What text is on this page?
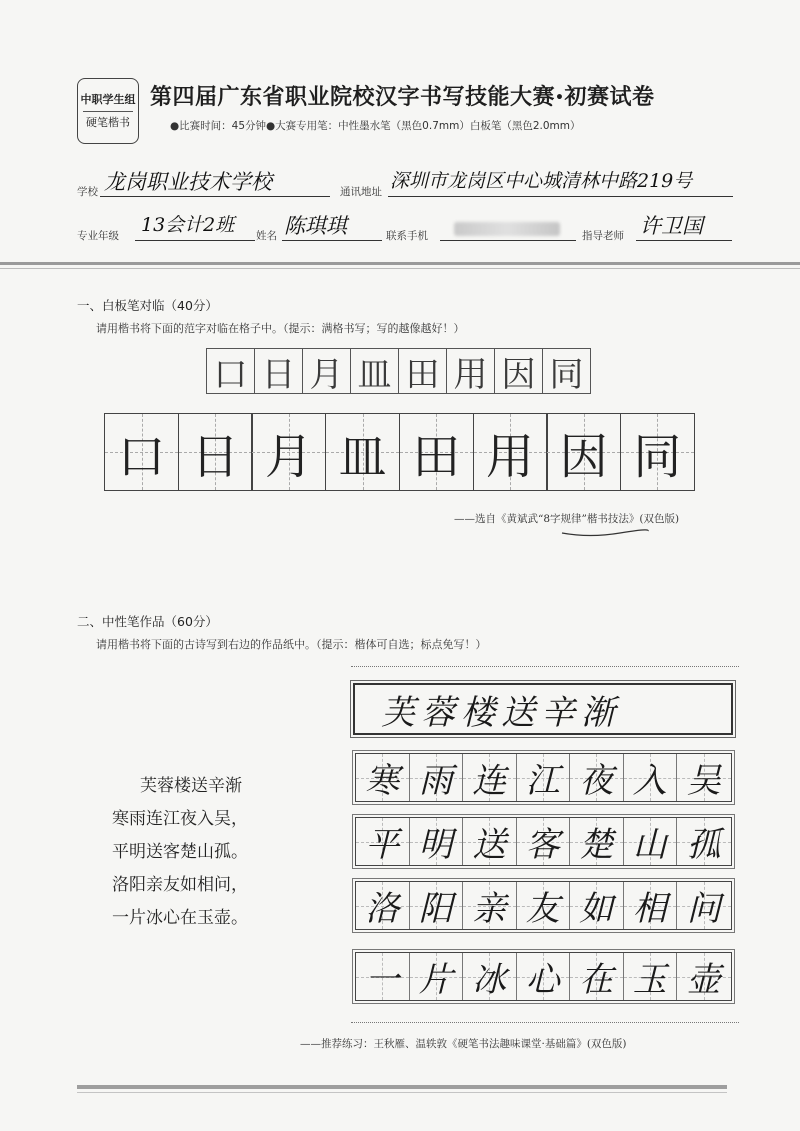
中职学生组
硬笔楷书
第四届广东省职业院校汉字书写技能大赛•初赛试卷
●比赛时间：45分钟●大赛专用笔：中性墨水笔（黑色0.7mm）白板笔（黑色2.0mm）
学校 龙岗职业技术学校	通讯地址 深圳市龙岗区中心城清林中路219号
专业年级 13会计2班 姓名 陈琪琪	联系手机	指导老师 许卫国
一、白板笔对临（40分）
请用楷书将下面的范字对临在格子中。（提示：满格书写；写的越像越好！）
口 日 月 皿 田 用 因 同
口 日 月 皿 田 用 因 同
——选自《黄斌武“8字规律”楷书技法》(双色版)
二、中性笔作品（60分）
请用楷书将下面的古诗写到右边的作品纸中。（提示：楷体可自选；标点免写！）
芙蓉楼送辛渐
寒雨连江夜入吴，
平明送客楚山孤。
洛阳亲友如相问，
一片冰心在玉壶。
芙蓉楼送辛渐
寒 雨 连 江 夜 入 吴
平 明 送 客 楚 山 孤
洛 阳 亲 友 如 相 问
一 片 冰 心 在 玉 壶
——推荐练习：王秋雁、温轶敦《硬笔书法趣味课堂·基础篇》(双色版)
